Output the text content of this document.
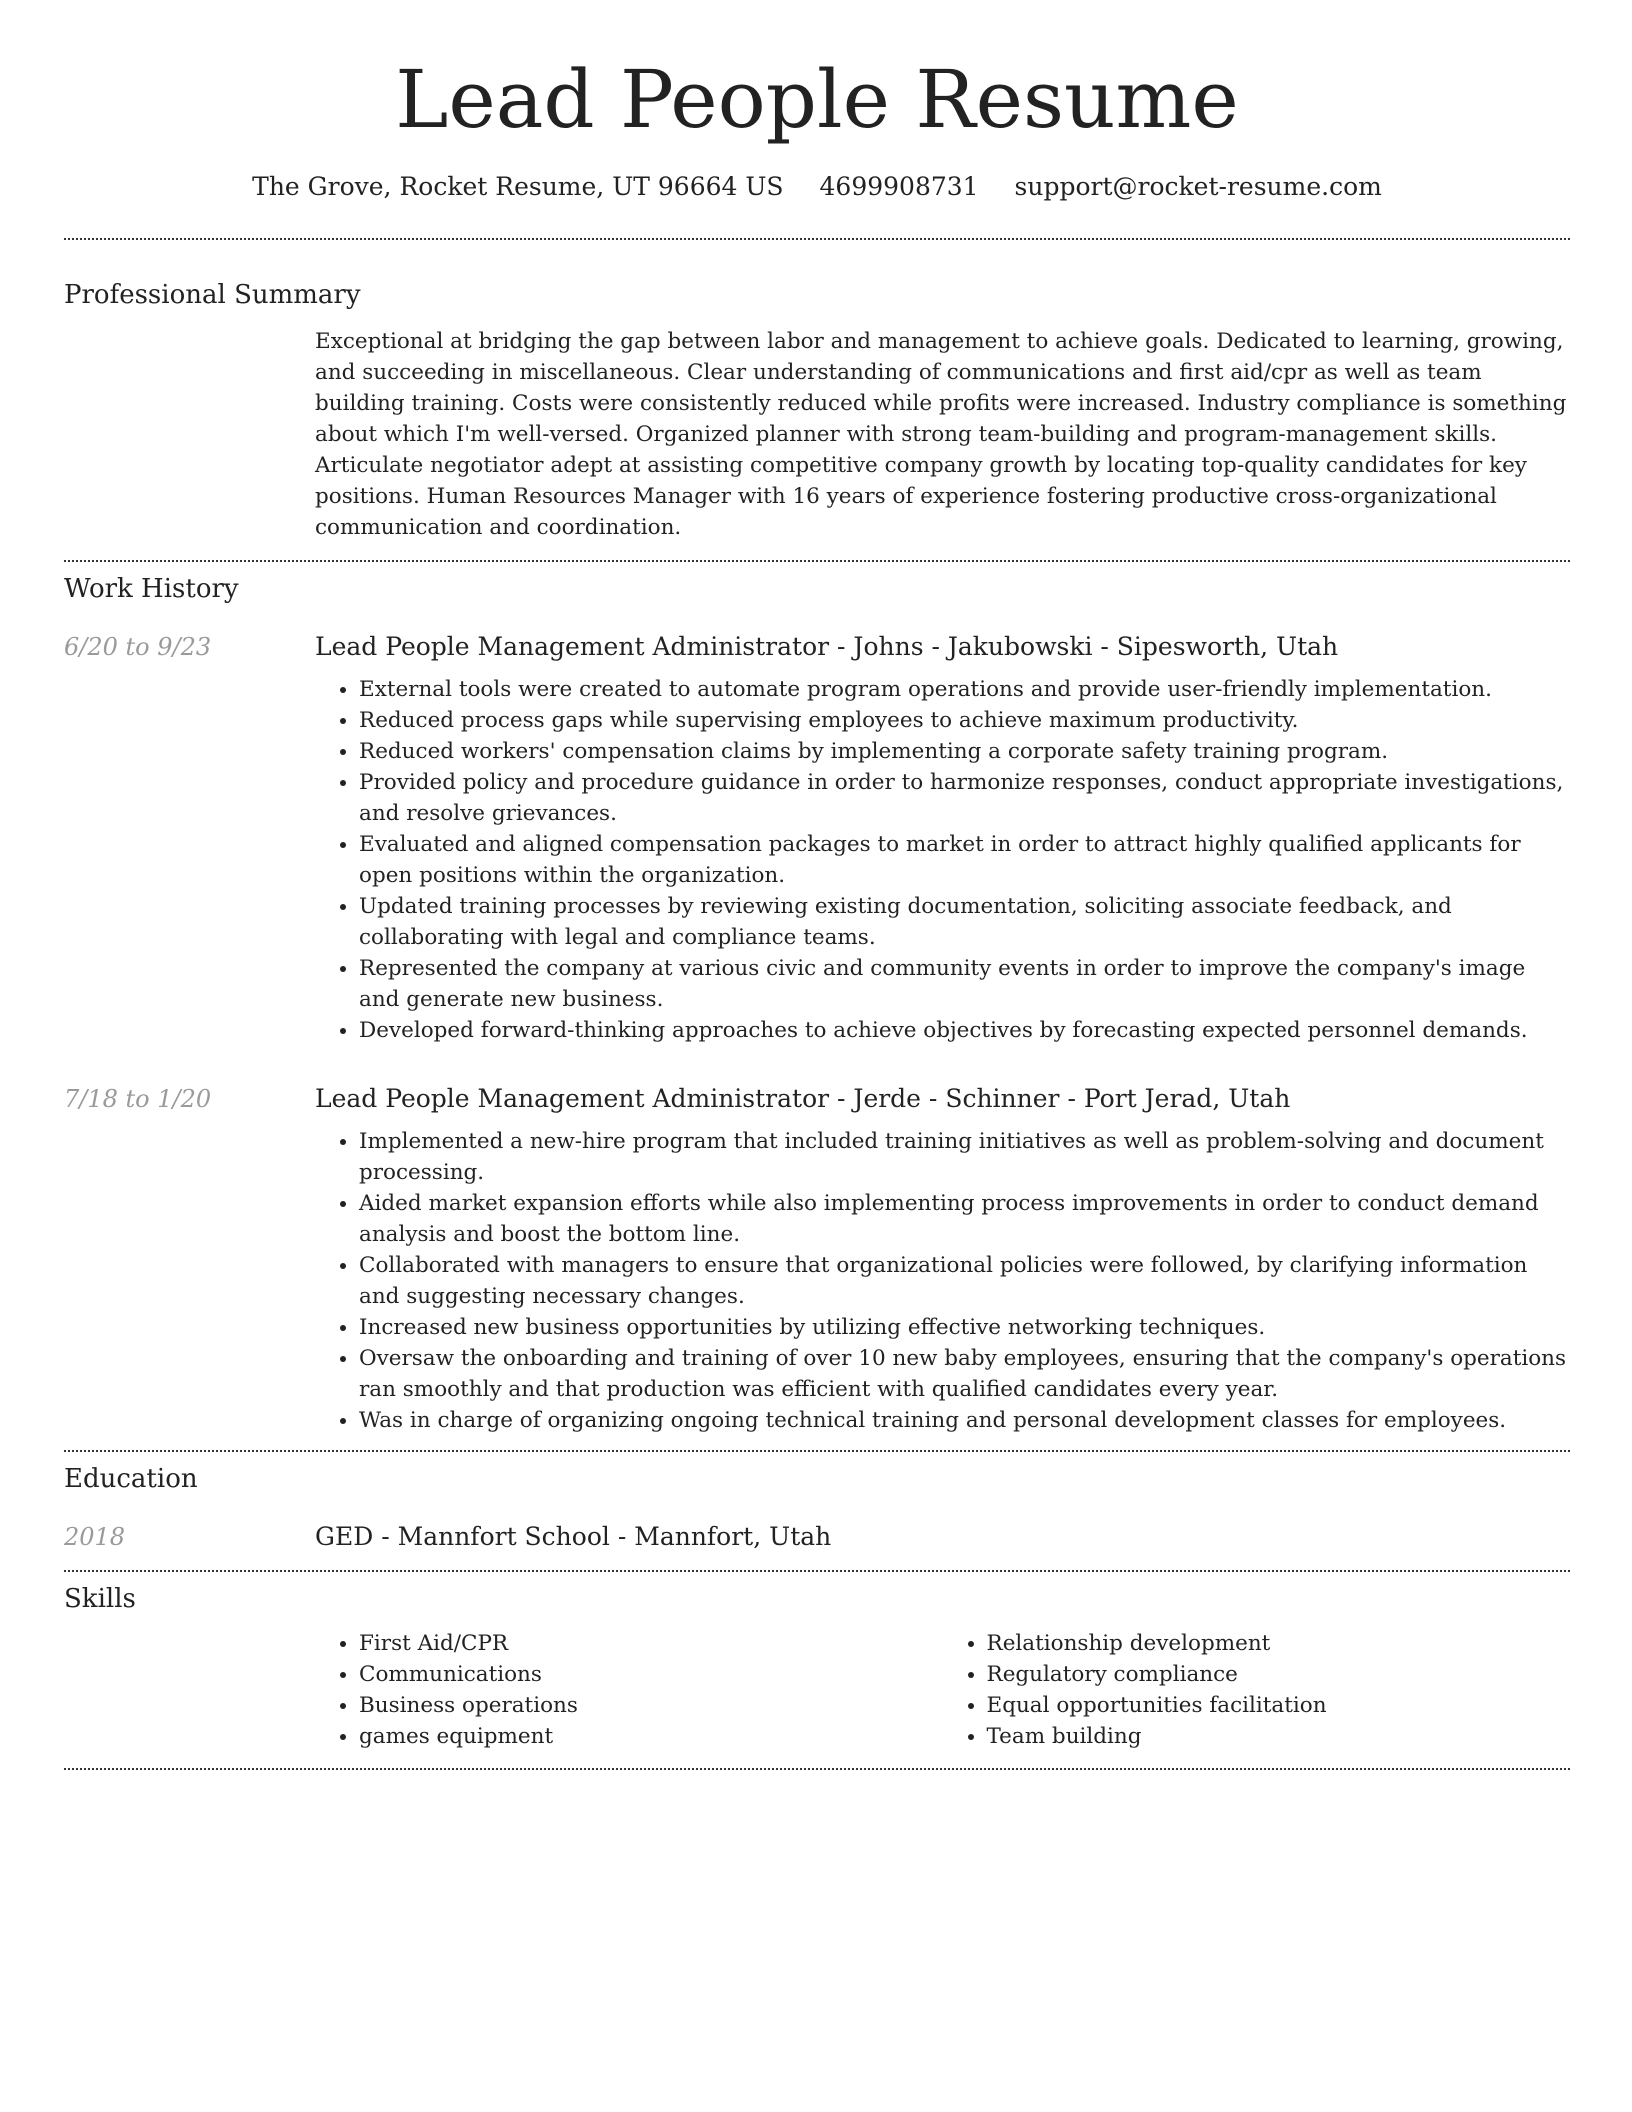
Lead People Resume
The Grove, Rocket Resume, UT 96664 US 4699908731 support@rocket-resume.com
Professional Summary
Exceptional at bridging the gap between labor and management to achieve goals. Dedicated to learning, growing, and succeeding in miscellaneous. Clear understanding of communications and first aid/cpr as well as team building training. Costs were consistently reduced while profits were increased. Industry compliance is something about which I'm well-versed. Organized planner with strong team-building and program-management skills. Articulate negotiator adept at assisting competitive company growth by locating top-quality candidates for key positions. Human Resources Manager with 16 years of experience fostering productive cross-organizational communication and coordination.
Work History
6/20 to 9/23	Lead People Management Administrator - Johns - Jakubowski - Sipesworth, Utah
• External tools were created to automate program operations and provide user-friendly implementation.
• Reduced process gaps while supervising employees to achieve maximum productivity.
• Reduced workers' compensation claims by implementing a corporate safety training program.
• Provided policy and procedure guidance in order to harmonize responses, conduct appropriate investigations, and resolve grievances.
• Evaluated and aligned compensation packages to market in order to attract highly qualified applicants for open positions within the organization.
• Updated training processes by reviewing existing documentation, soliciting associate feedback, and collaborating with legal and compliance teams.
• Represented the company at various civic and community events in order to improve the company's image and generate new business.
• Developed forward-thinking approaches to achieve objectives by forecasting expected personnel demands.
7/18 to 1/20	Lead People Management Administrator - Jerde - Schinner - Port Jerad, Utah
• Implemented a new-hire program that included training initiatives as well as problem-solving and document processing.
• Aided market expansion efforts while also implementing process improvements in order to conduct demand analysis and boost the bottom line.
• Collaborated with managers to ensure that organizational policies were followed, by clarifying information and suggesting necessary changes.
• Increased new business opportunities by utilizing effective networking techniques.
• Oversaw the onboarding and training of over 10 new baby employees, ensuring that the company's operations ran smoothly and that production was efficient with qualified candidates every year.
• Was in charge of organizing ongoing technical training and personal development classes for employees.
Education
2018	GED - Mannfort School - Mannfort, Utah
Skills
• First Aid/CPR
• Communications
• Business operations
• games equipment
• Relationship development
• Regulatory compliance
• Equal opportunities facilitation
• Team building
